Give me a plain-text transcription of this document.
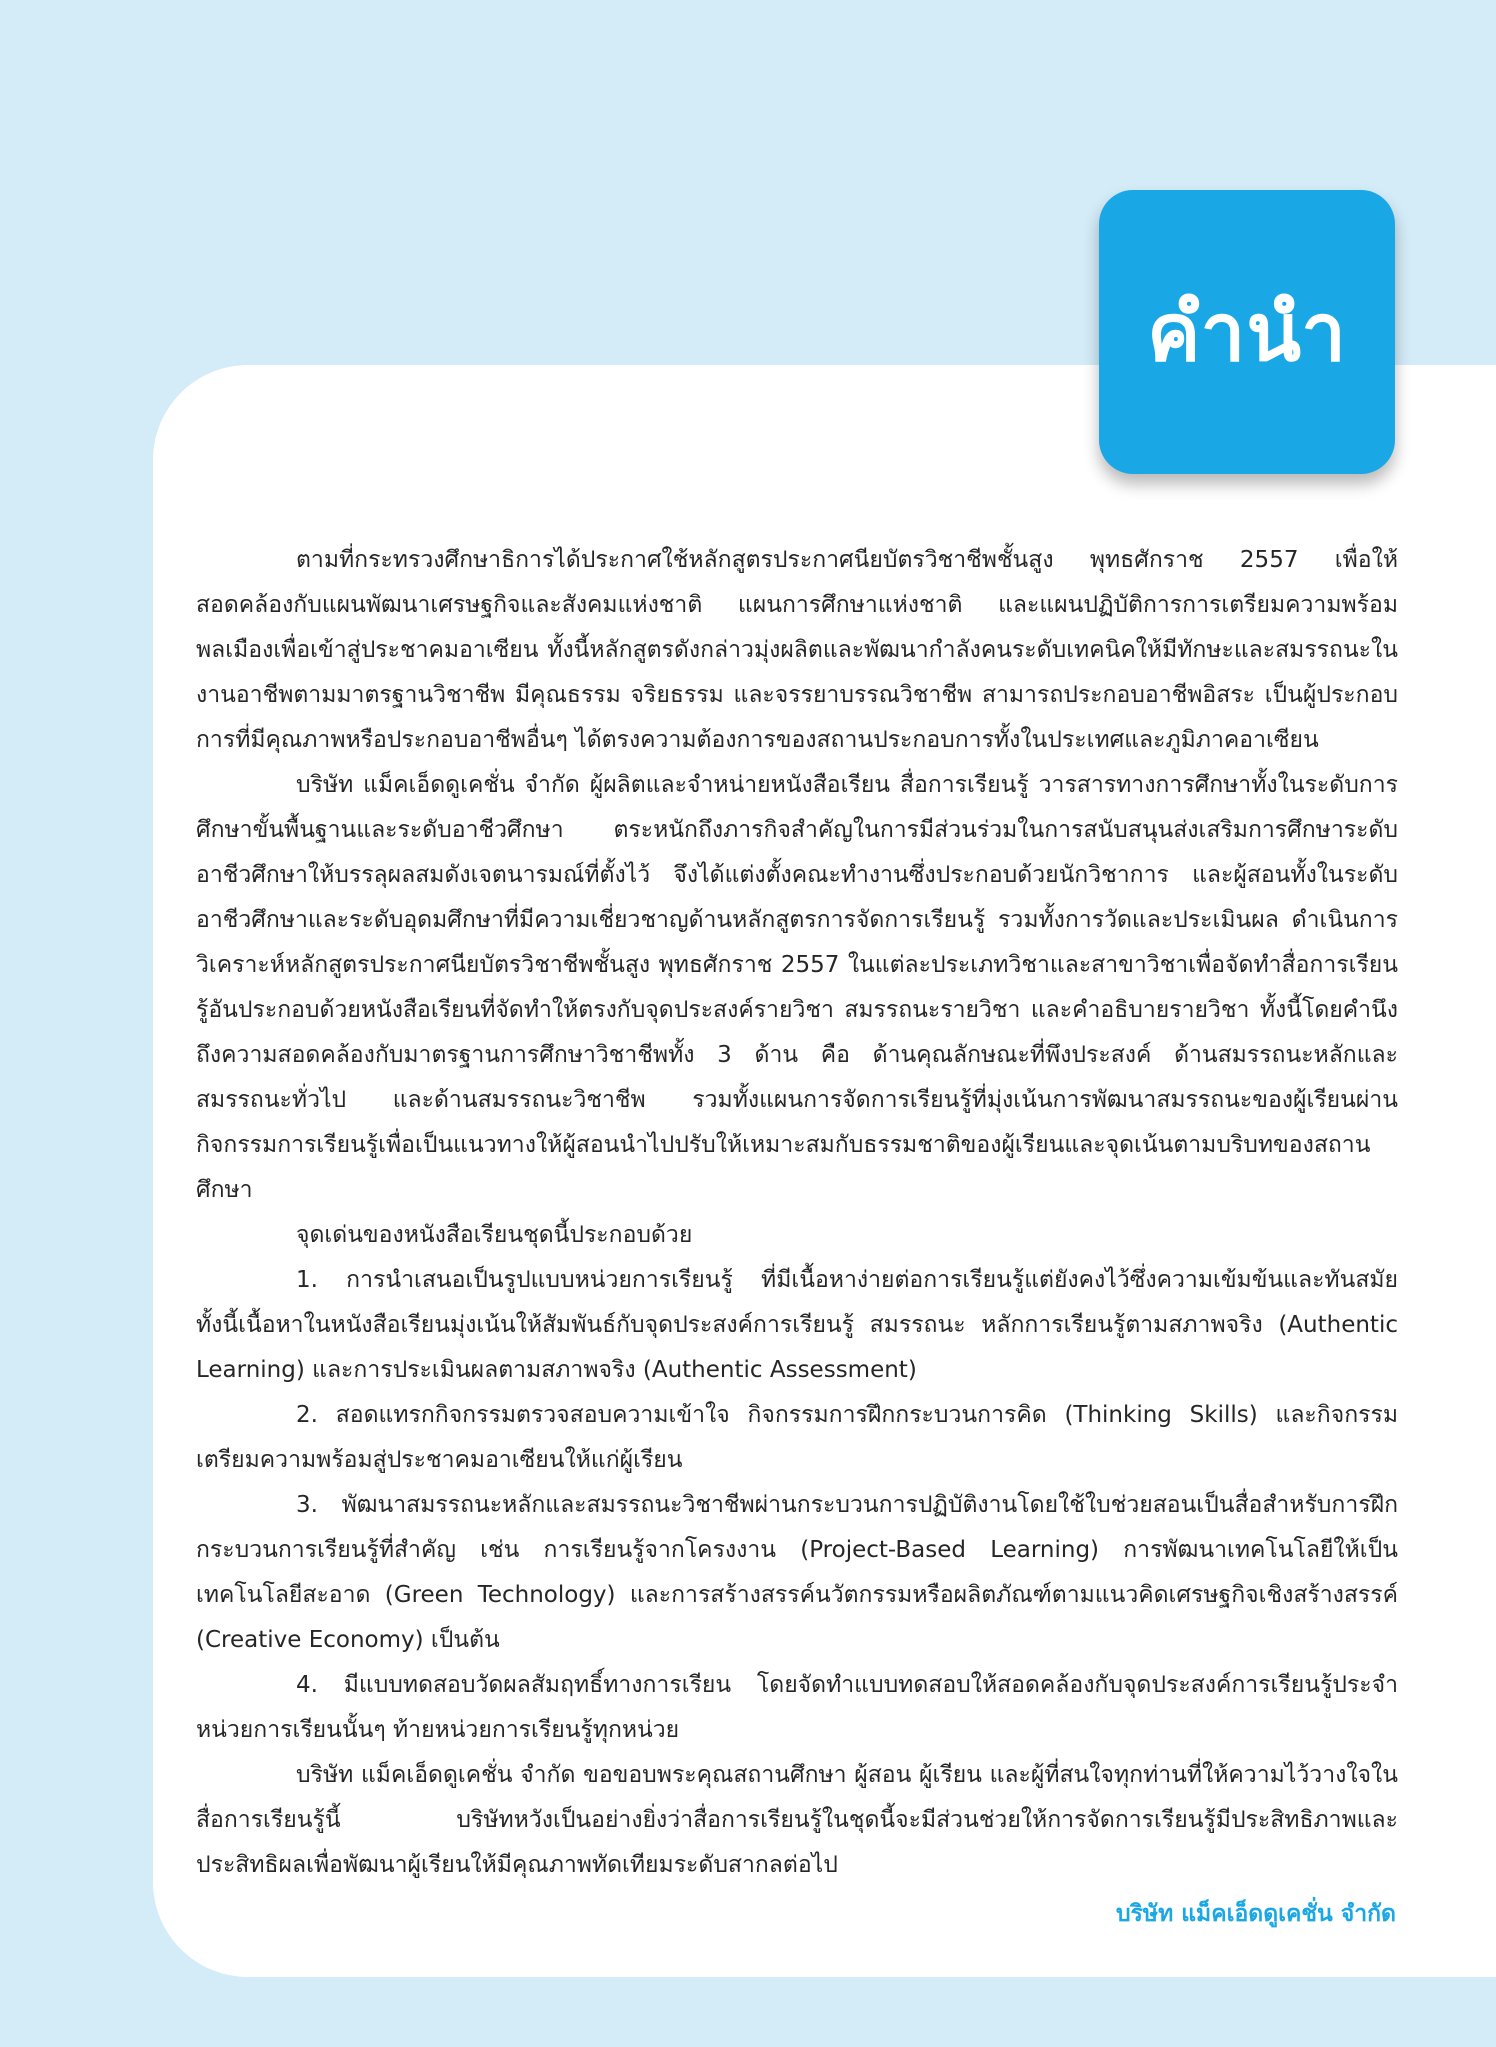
คำนำ

ตามที่กระทรวงศึกษาธิการได้ประกาศใช้หลักสูตรประกาศนียบัตรวิชาชีพชั้นสูง พุทธศักราช 2557 เพื่อให้สอดคล้องกับแผนพัฒนาเศรษฐกิจและสังคมแห่งชาติ แผนการศึกษาแห่งชาติ และแผนปฏิบัติการการเตรียมความพร้อมพลเมืองเพื่อเข้าสู่ประชาคมอาเซียน ทั้งนี้หลักสูตรดังกล่าวมุ่งผลิตและพัฒนากำลังคนระดับเทคนิคให้มีทักษะและสมรรถนะในงานอาชีพตามมาตรฐานวิชาชีพ มีคุณธรรม จริยธรรม และจรรยาบรรณวิชาชีพ สามารถประกอบอาชีพอิสระ เป็นผู้ประกอบการที่มีคุณภาพหรือประกอบอาชีพอื่นๆ ได้ตรงความต้องการของสถานประกอบการทั้งในประเทศและภูมิภาคอาเซียน

บริษัท แม็คเอ็ดดูเคชั่น จำกัด ผู้ผลิตและจำหน่ายหนังสือเรียน สื่อการเรียนรู้ วารสารทางการศึกษาทั้งในระดับการศึกษาขั้นพื้นฐานและระดับอาชีวศึกษา ตระหนักถึงภารกิจสำคัญในการมีส่วนร่วมในการสนับสนุนส่งเสริมการศึกษาระดับอาชีวศึกษาให้บรรลุผลสมดังเจตนารมณ์ที่ตั้งไว้ จึงได้แต่งตั้งคณะทำงานซึ่งประกอบด้วยนักวิชาการ และผู้สอนทั้งในระดับอาชีวศึกษาและระดับอุดมศึกษาที่มีความเชี่ยวชาญด้านหลักสูตรการจัดการเรียนรู้ รวมทั้งการวัดและประเมินผล ดำเนินการวิเคราะห์หลักสูตรประกาศนียบัตรวิชาชีพชั้นสูง พุทธศักราช 2557 ในแต่ละประเภทวิชาและสาขาวิชาเพื่อจัดทำสื่อการเรียนรู้อันประกอบด้วยหนังสือเรียนที่จัดทำให้ตรงกับจุดประสงค์รายวิชา สมรรถนะรายวิชา และคำอธิบายรายวิชา ทั้งนี้โดยคำนึงถึงความสอดคล้องกับมาตรฐานการศึกษาวิชาชีพทั้ง 3 ด้าน คือ ด้านคุณลักษณะที่พึงประสงค์ ด้านสมรรถนะหลักและสมรรถนะทั่วไป และด้านสมรรถนะวิชาชีพ รวมทั้งแผนการจัดการเรียนรู้ที่มุ่งเน้นการพัฒนาสมรรถนะของผู้เรียนผ่านกิจกรรมการเรียนรู้เพื่อเป็นแนวทางให้ผู้สอนนำไปปรับให้เหมาะสมกับธรรมชาติของผู้เรียนและจุดเน้นตามบริบทของสถานศึกษา

จุดเด่นของหนังสือเรียนชุดนี้ประกอบด้วย

1. การนำเสนอเป็นรูปแบบหน่วยการเรียนรู้ ที่มีเนื้อหาง่ายต่อการเรียนรู้แต่ยังคงไว้ซึ่งความเข้มข้นและทันสมัย ทั้งนี้เนื้อหาในหนังสือเรียนมุ่งเน้นให้สัมพันธ์กับจุดประสงค์การเรียนรู้ สมรรถนะ หลักการเรียนรู้ตามสภาพจริง (Authentic Learning) และการประเมินผลตามสภาพจริง (Authentic Assessment)

2. สอดแทรกกิจกรรมตรวจสอบความเข้าใจ กิจกรรมการฝึกกระบวนการคิด (Thinking Skills) และกิจกรรมเตรียมความพร้อมสู่ประชาคมอาเซียนให้แก่ผู้เรียน

3. พัฒนาสมรรถนะหลักและสมรรถนะวิชาชีพผ่านกระบวนการปฏิบัติงานโดยใช้ใบช่วยสอนเป็นสื่อสำหรับการฝึกกระบวนการเรียนรู้ที่สำคัญ เช่น การเรียนรู้จากโครงงาน (Project-Based Learning) การพัฒนาเทคโนโลยีให้เป็นเทคโนโลยีสะอาด (Green Technology) และการสร้างสรรค์นวัตกรรมหรือผลิตภัณฑ์ตามแนวคิดเศรษฐกิจเชิงสร้างสรรค์ (Creative Economy) เป็นต้น

4. มีแบบทดสอบวัดผลสัมฤทธิ์ทางการเรียน โดยจัดทำแบบทดสอบให้สอดคล้องกับจุดประสงค์การเรียนรู้ประจำหน่วยการเรียนนั้นๆ ท้ายหน่วยการเรียนรู้ทุกหน่วย

บริษัท แม็คเอ็ดดูเคชั่น จำกัด ขอขอบพระคุณสถานศึกษา ผู้สอน ผู้เรียน และผู้ที่สนใจทุกท่านที่ให้ความไว้วางใจในสื่อการเรียนรู้นี้ บริษัทหวังเป็นอย่างยิ่งว่าสื่อการเรียนรู้ในชุดนี้จะมีส่วนช่วยให้การจัดการเรียนรู้มีประสิทธิภาพและประสิทธิผลเพื่อพัฒนาผู้เรียนให้มีคุณภาพทัดเทียมระดับสากลต่อไป

บริษัท แม็คเอ็ดดูเคชั่น จำกัด
